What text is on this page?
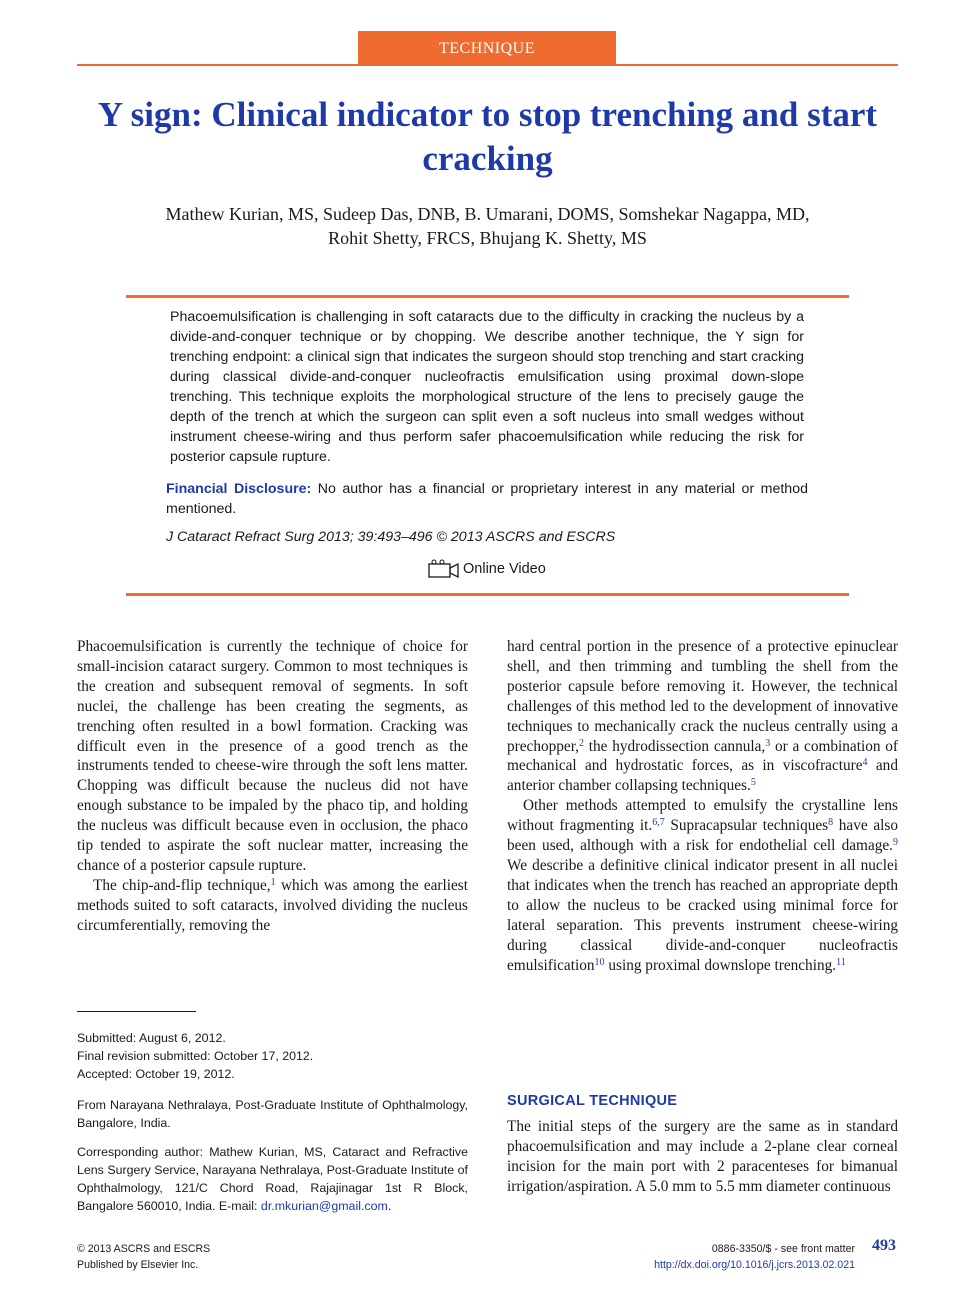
TECHNIQUE
Y sign: Clinical indicator to stop trenching and start cracking
Mathew Kurian, MS, Sudeep Das, DNB, B. Umarani, DOMS, Somshekar Nagappa, MD,
Rohit Shetty, FRCS, Bhujang K. Shetty, MS
Phacoemulsification is challenging in soft cataracts due to the difficulty in cracking the nucleus by a divide-and-conquer technique or by chopping. We describe another technique, the Y sign for trenching endpoint: a clinical sign that indicates the surgeon should stop trenching and start cracking during classical divide-and-conquer nucleofractis emulsification using proximal down-slope trenching. This technique exploits the morphological structure of the lens to precisely gauge the depth of the trench at which the surgeon can split even a soft nucleus into small wedges without instrument cheese-wiring and thus perform safer phacoemulsification while reducing the risk for posterior capsule rupture.
Financial Disclosure: No author has a financial or proprietary interest in any material or method mentioned.
J Cataract Refract Surg 2013; 39:493–496 © 2013 ASCRS and ESCRS
Online Video

Phacoemulsification is currently the technique of choice for small-incision cataract surgery. Common to most techniques is the creation and subsequent removal of segments. In soft nuclei, the challenge has been creating the segments, as trenching often resulted in a bowl formation. Cracking was difficult even in the presence of a good trench as the instruments tended to cheese-wire through the soft lens matter. Chopping was difficult because the nucleus did not have enough substance to be impaled by the phaco tip, and holding the nucleus was difficult because even in occlusion, the phaco tip tended to aspirate the soft nuclear matter, increasing the chance of a posterior capsule rupture.

The chip-and-flip technique,$^1$ which was among the earliest methods suited to soft cataracts, involved dividing the nucleus circumferentially, removing the

hard central portion in the presence of a protective epinuclear shell, and then trimming and tumbling the shell from the posterior capsule before removing it. However, the technical challenges of this method led to the development of innovative techniques to mechanically crack the nucleus centrally using a prechopper,$^2$ the hydrodissection cannula,$^3$ or a combination of mechanical and hydrostatic forces, as in viscofracture$^4$ and anterior chamber collapsing techniques.$^5$

Other methods attempted to emulsify the crystalline lens without fragmenting it.$^{6,7}$ Supracapsular techniques$^8$ have also been used, although with a risk for endothelial cell damage.$^9$ We describe a definitive clinical indicator present in all nuclei that indicates when the trench has reached an appropriate depth to allow the nucleus to be cracked using minimal force for lateral separation. This prevents instrument cheese-wiring during classical divide-and-conquer nucleofractis emulsification$^{10}$ using proximal downslope trenching.$^{11}$

SURGICAL TECHNIQUE

The initial steps of the surgery are the same as in standard phacoemulsification and may include a 2-plane clear corneal incision for the main port with 2 paracenteses for bimanual irrigation/aspiration. A 5.0 mm to 5.5 mm diameter continuous

Submitted: August 6, 2012.
Final revision submitted: October 17, 2012.
Accepted: October 19, 2012.
From Narayana Nethralaya, Post-Graduate Institute of Ophthalmology, Bangalore, India.
Corresponding author: Mathew Kurian, MS, Cataract and Refractive Lens Surgery Service, Narayana Nethralaya, Post-Graduate Institute of Ophthalmology, 121/C Chord Road, Rajajinagar 1st R Block, Bangalore 560010, India. E-mail: dr.mkurian@gmail.com.
© 2013 ASCRS and ESCRS
Published by Elsevier Inc.
0886-3350/$ - see front matter
http://dx.doi.org/10.1016/j.jcrs.2013.02.021
493
